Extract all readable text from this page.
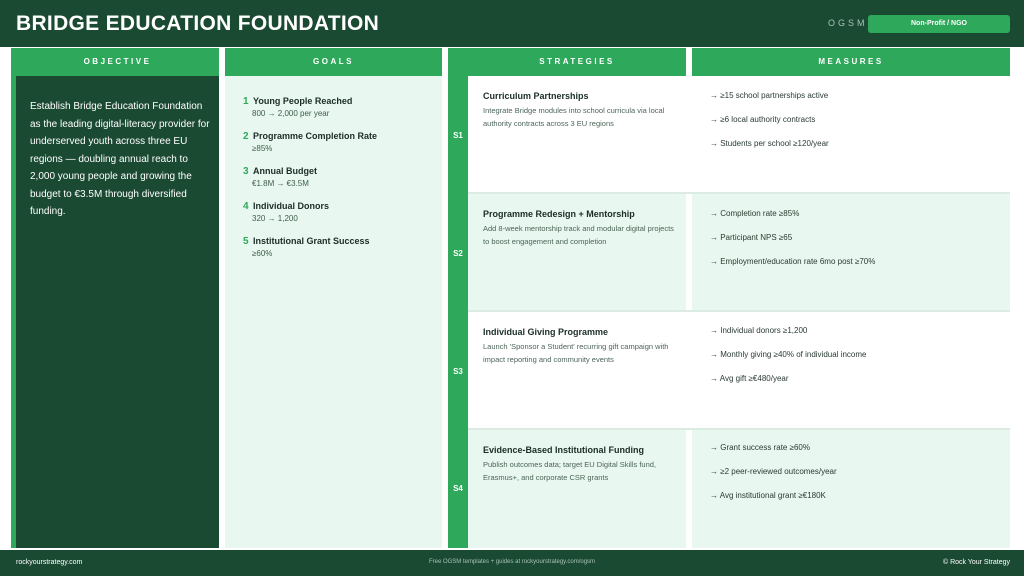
BRIDGE EDUCATION FOUNDATION	OGSM	Non-Profit / NGO
OBJECTIVE	GOALS	STRATEGIES	MEASURES
Establish Bridge Education Foundation as the leading digital-literacy provider for underserved youth across three EU regions — doubling annual reach to 2,000 young people and growing the budget to €3.5M through diversified funding.
1 Young People Reached
800 → 2,000 per year
2 Programme Completion Rate
≥85%
3 Annual Budget
€1.8M → €3.5M
4 Individual Donors
320 → 1,200
5 Institutional Grant Success
≥60%
S1
S2
S3
S4
Curriculum Partnerships
Integrate Bridge modules into school curricula via local authority contracts across 3 EU regions
→ ≥15 school partnerships active
→ ≥6 local authority contracts
→ Students per school ≥120/year
Programme Redesign + Mentorship
Add 8-week mentorship track and modular digital projects to boost engagement and completion
→ Completion rate ≥85%
→ Participant NPS ≥65
→ Employment/education rate 6mo post ≥70%
Individual Giving Programme
Launch 'Sponsor a Student' recurring gift campaign with impact reporting and community events
→ Individual donors ≥1,200
→ Monthly giving ≥40% of individual income
→ Avg gift ≥€480/year
Evidence-Based Institutional Funding
Publish outcomes data; target EU Digital Skills fund, Erasmus+, and corporate CSR grants
→ Grant success rate ≥60%
→ ≥2 peer-reviewed outcomes/year
→ Avg institutional grant ≥€180K
rockyourstrategy.com	Free OGSM templates + guides at rockyourstrategy.com/ogsm	© Rock Your Strategy
